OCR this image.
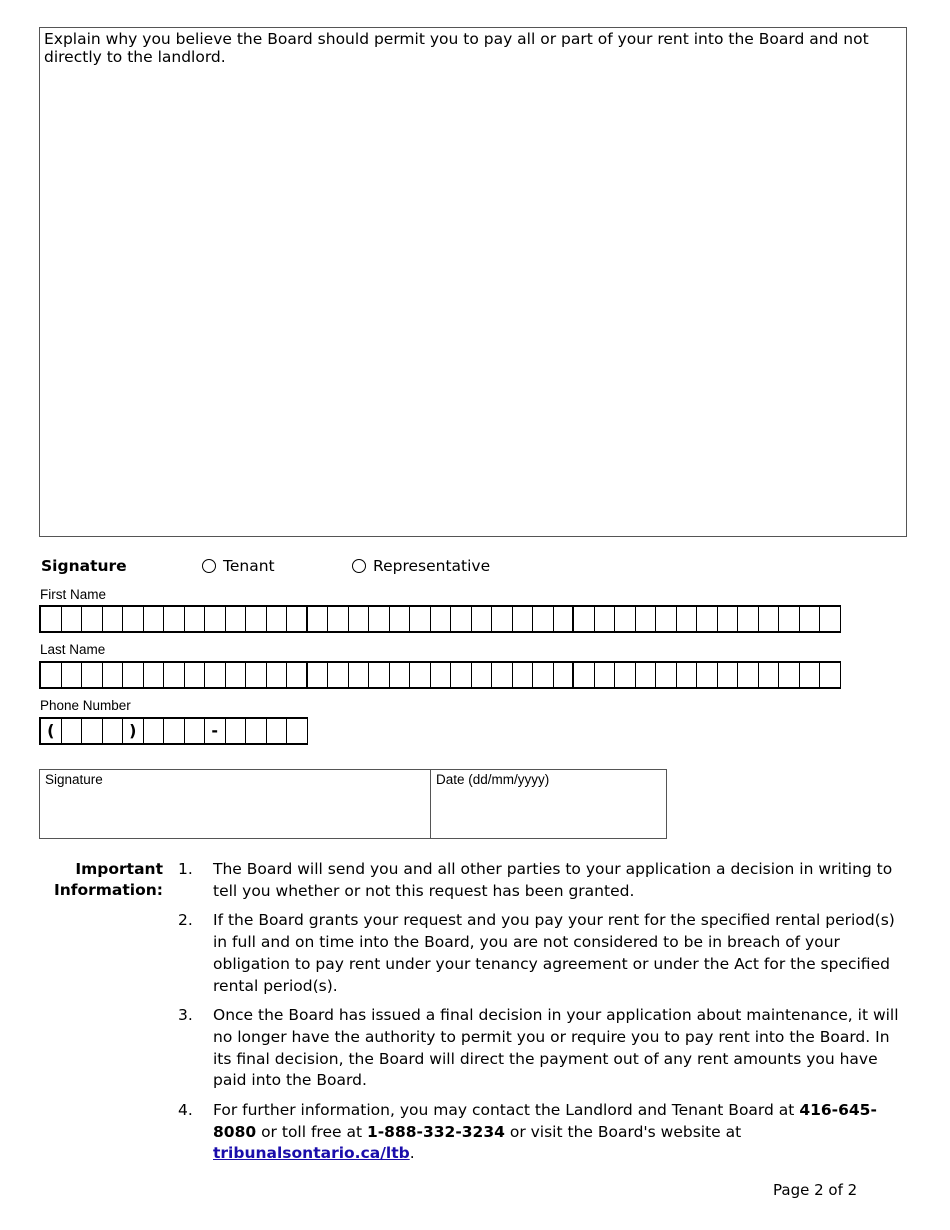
Explain why you believe the Board should permit you to pay all or part of your rent into the Board and not directly to the landlord.
Signature	Tenant	Representative
First Name
Last Name
Phone Number
(	)	-
Signature	Date (dd/mm/yyyy)
Important Information:
1.	The Board will send you and all other parties to your application a decision in writing to tell you whether or not this request has been granted.
2.	If the Board grants your request and you pay your rent for the specified rental period(s) in full and on time into the Board, you are not considered to be in breach of your obligation to pay rent under your tenancy agreement or under the Act for the specified rental period(s).
3.	Once the Board has issued a final decision in your application about maintenance, it will no longer have the authority to permit you or require you to pay rent into the Board. In its final decision, the Board will direct the payment out of any rent amounts you have paid into the Board.
4.	For further information, you may contact the Landlord and Tenant Board at 416-645-8080 or toll free at 1-888-332-3234 or visit the Board's website at tribunalsontario.ca/ltb.
Page 2 of 2
